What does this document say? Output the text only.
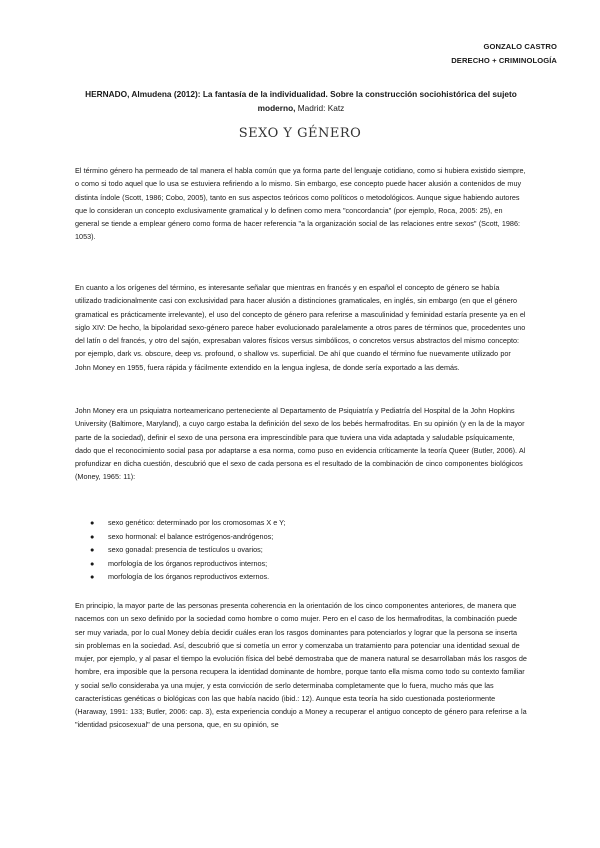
GONZALO CASTRO
DERECHO + CRIMINOLOGÍA
HERNADO, Almudena (2012): La fantasía de la individualidad. Sobre la construcción sociohistórica del sujeto moderno, Madrid: Katz
SEXO Y GÉNERO

El término género ha permeado de tal manera el habla común que ya forma parte del lenguaje cotidiano, como si hubiera existido siempre, o como si todo aquel que lo usa se estuviera refiriendo a lo mismo. Sin embargo, ese concepto puede hacer alusión a contenidos de muy distinta índole (Scott, 1986; Cobo, 2005), tanto en sus aspectos teóricos como políticos o metodológicos. Aunque sigue habiendo autores que lo consideran un concepto exclusivamente gramatical y lo definen como mera "concordancia" (por ejemplo, Roca, 2005: 25), en general se tiende a emplear género como forma de hacer referencia "a la organización social de las relaciones entre sexos" (Scott, 1986: 1053).

En cuanto a los orígenes del término, es interesante señalar que mientras en francés y en español el concepto de género se había utilizado tradicionalmente casi con exclusividad para hacer alusión a distinciones gramaticales, en inglés, sin embargo (en que el género gramatical es prácticamente irrelevante), el uso del concepto de género para referirse a masculinidad y feminidad estaría presente ya en el siglo XIV: De hecho, la bipolaridad sexo-género parece haber evolucionado paralelamente a otros pares de términos que, procedentes uno del latín o del francés, y otro del sajón, expresaban valores físicos versus simbólicos, o concretos versus abstractos del mismo concepto: por ejemplo, dark vs. obscure, deep vs. profound, o shallow vs. superficial. De ahí que cuando el término fue nuevamente utilizado por John Money en 1955, fuera rápida y fácilmente extendido en la lengua inglesa, de donde sería exportado a las demás.

John Money era un psiquiatra norteamericano perteneciente al Departamento de Psiquiatría y Pediatría del Hospital de la John Hopkins University (Baltimore, Maryland), a cuyo cargo estaba la definición del sexo de los bebés hermafroditas. En su opinión (y en la de la mayor parte de la sociedad), definir el sexo de una persona era imprescindible para que tuviera una vida adaptada y saludable psíquicamente, dado que el reconocimiento social pasa por adaptarse a esa norma, como puso en evidencia críticamente la teoría Queer (Butler, 2006). Al profundizar en dicha cuestión, descubrió que el sexo de cada persona es el resultado de la combinación de cinco componentes biológicos (Money, 1965: 11):

● sexo genético: determinado por los cromosomas X e Y;
● sexo hormonal: el balance estrógenos-andrógenos;
● sexo gonadal: presencia de testículos u ovarios;
● morfología de los órganos reproductivos internos;
● morfología de los órganos reproductivos externos.

En principio, la mayor parte de las personas presenta coherencia en la orientación de los cinco componentes anteriores, de manera que nacemos con un sexo definido por la sociedad como hombre o como mujer. Pero en el caso de los hermafroditas, la combinación puede ser muy variada, por lo cual Money debía decidir cuáles eran los rasgos dominantes para potenciarlos y lograr que la persona se inserta sin problemas en la sociedad. Así, descubrió que si cometía un error y comenzaba un tratamiento para potenciar una identidad sexual de mujer, por ejemplo, y al pasar el tiempo la evolución física del bebé demostraba que de manera natural se desarrollaban más los rasgos de hombre, era imposible que la persona recupera la identidad dominante de hombre, porque tanto ella misma como todo su contexto familiar y social se/lo consideraba ya una mujer, y esta convicción de serlo determinaba completamente que lo fuera, mucho más que las características genéticas o biológicas con las que había nacido (ibid.: 12). Aunque esta teoría ha sido cuestionada posteriormente (Haraway, 1991: 133; Butler, 2006: cap. 3), esta experiencia condujo a Money a recuperar el antiguo concepto de género para referirse a la "identidad psicosexual" de una persona, que, en su opinión, se
